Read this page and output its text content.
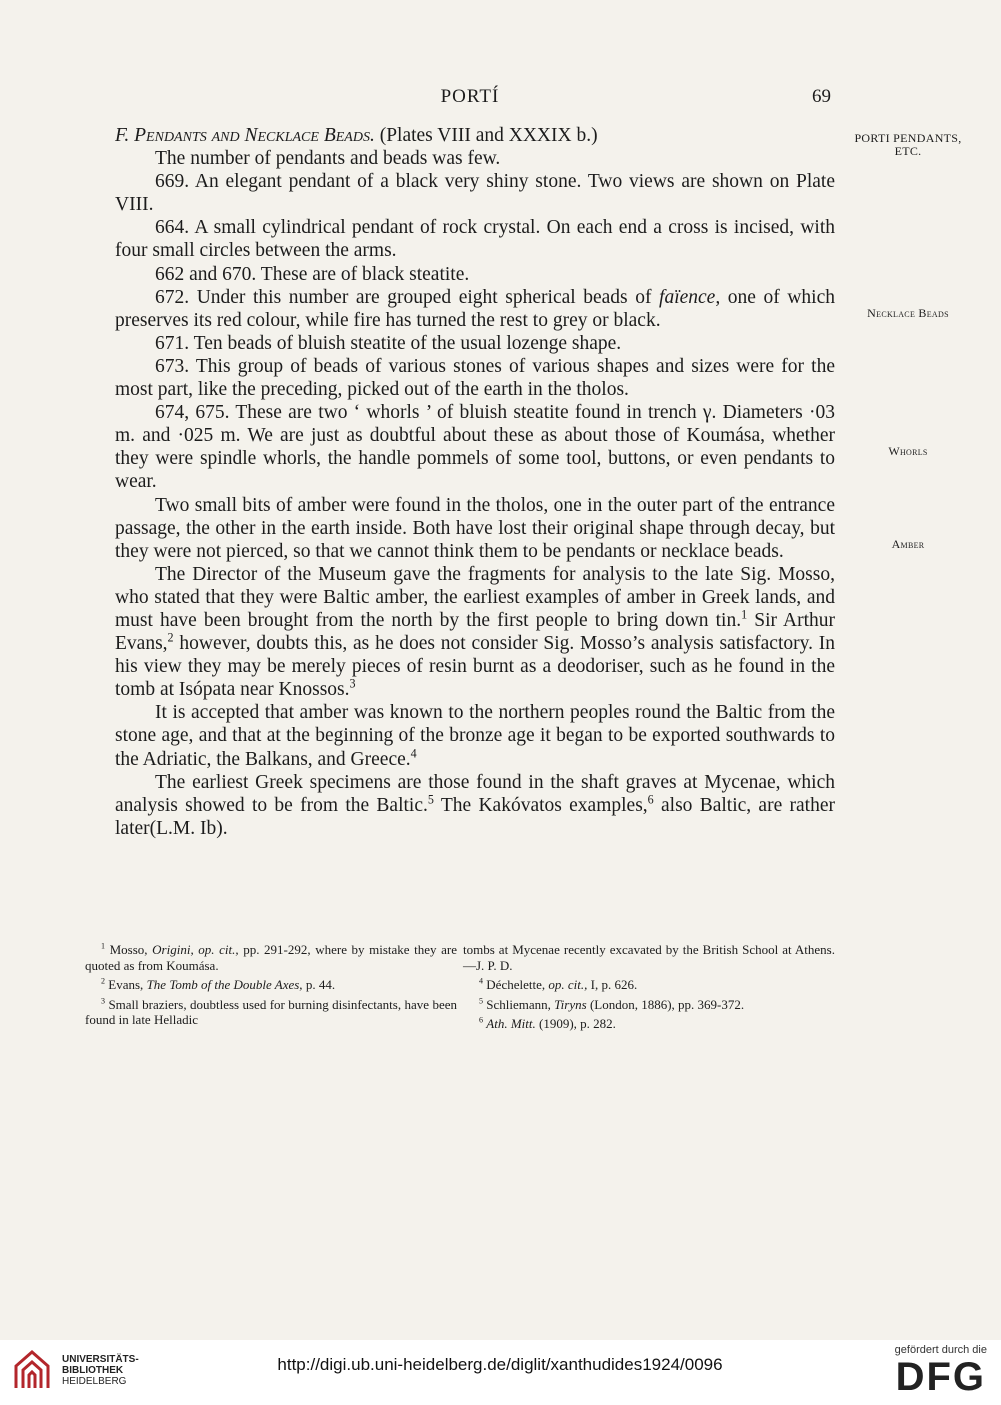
PORTÍ	69
PORTI PENDANTS, ETC.
Necklace Beads
Whorls
Amber

F. Pendants and Necklace Beads. (Plates VIII and XXXIX b.)

The number of pendants and beads was few.

669. An elegant pendant of a black very shiny stone. Two views are shown on Plate VIII.

664. A small cylindrical pendant of rock crystal. On each end a cross is incised, with four small circles between the arms.

662 and 670. These are of black steatite.

672. Under this number are grouped eight spherical beads of faïence, one of which preserves its red colour, while fire has turned the rest to grey or black.

671. Ten beads of bluish steatite of the usual lozenge shape.

673. This group of beads of various stones of various shapes and sizes were for the most part, like the preceding, picked out of the earth in the tholos.

674, 675. These are two ‘ whorls ’ of bluish steatite found in trench γ. Diameters ·03 m. and ·025 m. We are just as doubtful about these as about those of Koumása, whether they were spindle whorls, the handle pommels of some tool, buttons, or even pendants to wear.

Two small bits of amber were found in the tholos, one in the outer part of the entrance passage, the other in the earth inside. Both have lost their original shape through decay, but they were not pierced, so that we cannot think them to be pendants or necklace beads.

The Director of the Museum gave the fragments for analysis to the late Sig. Mosso, who stated that they were Baltic amber, the earliest examples of amber in Greek lands, and must have been brought from the north by the first people to bring down tin.$^1$ Sir Arthur Evans,$^2$ however, doubts this, as he does not consider Sig. Mosso’s analysis satisfactory. In his view they may be merely pieces of resin burnt as a deodoriser, such as he found in the tomb at Isópata near Knossos.$^3$

It is accepted that amber was known to the northern peoples round the Baltic from the stone age, and that at the beginning of the bronze age it began to be exported southwards to the Adriatic, the Balkans, and Greece.$^4$

The earliest Greek specimens are those found in the shaft graves at Mycenae, which analysis showed to be from the Baltic.$^5$ The Kakóvatos examples,$^6$ also Baltic, are rather later(L.M. Ib).

$^1$ Mosso, Origini, op. cit., pp. 291-292, where by mistake they are quoted as from Koumása.

$^2$ Evans, The Tomb of the Double Axes, p. 44.

$^3$ Small braziers, doubtless used for burning disinfectants, have been found in late Helladic

tombs at Mycenae recently excavated by the British School at Athens.—J. P. D.

$^4$ Déchelette, op. cit., I, p. 626.

$^5$ Schliemann, Tiryns (London, 1886), pp. 369-372.

$^6$ Ath. Mitt. (1909), p. 282.

UNIVERSITÄTS-
BIBLIOTHEK
HEIDELBERG
http://digi.ub.uni-heidelberg.de/diglit/xanthudides1924/0096
gefördert durch die
DFG
